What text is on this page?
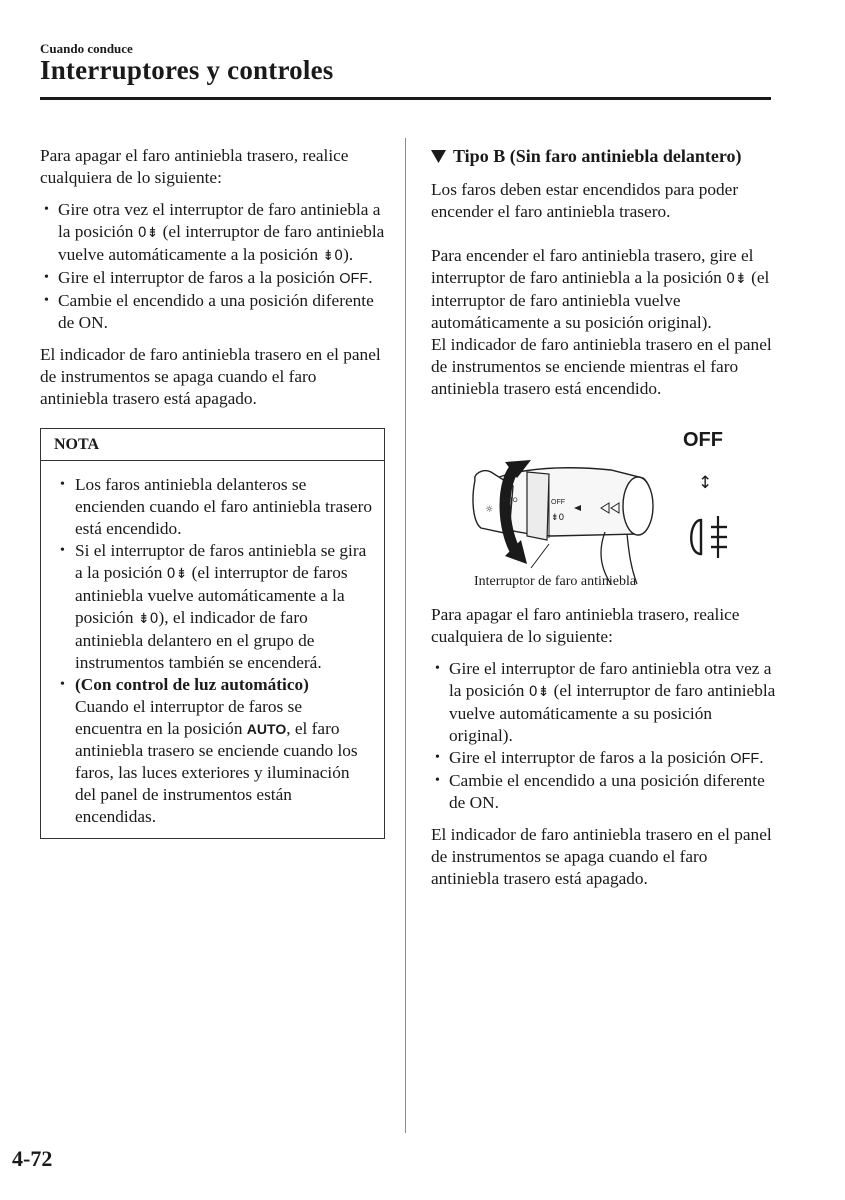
Cuando conduce
Interruptores y controles

Para apagar el faro antiniebla trasero, realice cualquiera de lo siguiente:

• Gire otra vez el interruptor de faro antiniebla a la posición 0⇟ (el interruptor de faro antiniebla vuelve automáticamente a la posición ⇟0).
• Gire el interruptor de faros a la posición OFF.
• Cambie el encendido a una posición diferente de ON.

El indicador de faro antiniebla trasero en el panel de instrumentos se apaga cuando el faro antiniebla trasero está apagado.

NOTA
• Los faros antiniebla delanteros se encienden cuando el faro antiniebla trasero está encendido.
• Si el interruptor de faros antiniebla se gira a la posición 0⇟ (el interruptor de faros antiniebla vuelve automáticamente a la posición ⇟0), el indicador de faro antiniebla delantero en el grupo de instrumentos también se encenderá.
• (Con control de luz automático)
Cuando el interruptor de faros se encuentra en la posición AUTO, el faro antiniebla trasero se enciende cuando los faros, las luces exteriores y iluminación del panel de instrumentos están encendidas.
Tipo B (Sin faro antiniebla delantero)

Los faros deben estar encendidos para poder encender el faro antiniebla trasero.

Para encender el faro antiniebla trasero, gire el interruptor de faro antiniebla a la posición 0⇟ (el interruptor de faro antiniebla vuelve automáticamente a su posición original).

El indicador de faro antiniebla trasero en el panel de instrumentos se enciende mientras el faro antiniebla trasero está encendido.

OFF
AUTO
⇟0
☼
OFF
↕
Interruptor de faro antiniebla

Para apagar el faro antiniebla trasero, realice cualquiera de lo siguiente:

• Gire el interruptor de faro antiniebla otra vez a la posición 0⇟ (el interruptor de faro antiniebla vuelve automáticamente a su posición original).
• Gire el interruptor de faros a la posición OFF.
• Cambie el encendido a una posición diferente de ON.

El indicador de faro antiniebla trasero en el panel de instrumentos se apaga cuando el faro antiniebla trasero está apagado.

4-72
